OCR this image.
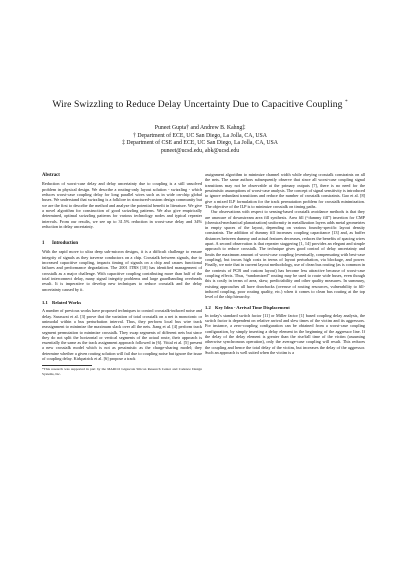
Wire Swizzling to Reduce Delay Uncertainty Due to Capacitive Coupling *
Puneet Gupta† and Andrew B. Kahng‡
† Department of ECE, UC San Diego, La Jolla, CA, USA
‡ Department of CSE and ECE, UC San Diego, La Jolla, CA, USA
puneet@ucsd.edu, abk@ucsd.edu
Abstract

Reduction of worst-case delay and delay uncertainty due to coupling is a still unsolved problem in physical design. We describe a routing-only layout solution - swizzling - which reduces worst-case coupling delay for long parallel wires such as in wide on-chip global buses. We understand that swizzling is a folklore in structured-custom design community but we are the first to describe the method and analyze the potential benefit in literature. We give a novel algorithm for construction of good swizzling patterns. We also give empirically determined, optimal swizzling patterns for various technology nodes and typical repeater intervals. From our results, we see up to 31.5% reduction in worst-case delay and 34% reduction in delay uncertainty.

1 Introduction

With the rapid move to ultra deep sub-micron designs, it is a difficult challenge to ensure integrity of signals as they traverse conductors on a chip. Crosstalk between signals, due to increased capacitive coupling, impacts timing of signals on a chip and causes functional failures and performance degradation. The 2001 ITRS [10] has identified management of crosstalk as a major challenge. With capacitive coupling contributing more than half of the total interconnect delay, many signal integrity problems and large guardbanding overheads result. It is imperative to develop new techniques to reduce crosstalk and the delay uncertainty caused by it.

1.1 Related Works

A number of previous works have proposed techniques to control crosstalk-induced noise and delay. Saraswat et al. [3] prove that the variation of total crosstalk on a net is monotonic or unimodal within a bus perturbation interval. Thus, they perform local bus wire track reassignment to minimize the maximum slack over all the nets. Jiang et al. [4] perform track segment permutation to minimize crosstalk. They swap segments of different nets but since they do not split the horizontal or vertical segments of the actual route, their approach is essentially the same as the track assignment approach followed in [6]. Vittal et al. [5] present a new crosstalk model which is not as pessimistic as the charge-sharing model; they determine whether a given routing solution will fail due to coupling noise but ignore the issue of coupling delay. Kirkpatrick et al. [6] propose a track

*This research was supported in part by the MARCO Gigascale Silicon Research Center and Cadence Design Systems, Inc.

assignment algorithm to minimize channel width while obeying crosstalk constraints on all the nets. The same authors subsequently observe that since all worst-case coupling signal transitions may not be observable at the primary outputs [7], there is no need for the pessimistic assumptions of worst-case analysis. The concept of signal sensitivity is introduced to ignore redundant transitions and reduce the number of crosstalk constraints. Gao et al. [8] give a mixed ILP formulation for the track permutation problem for crosstalk minimization. The objective of the ILP is to minimize crosstalk on timing paths.

Our observations with respect to sensing-based crosstalk avoidance methods is that they are unaware of downstream area fill synthesis. Area fill (“dummy fill”) insertion for CMP (chemical-mechanical planarization) uniformity in metallization layers adds metal geometries in empty spaces of the layout, depending on various foundry-specific layout density constraints. The addition of dummy fill increases coupling capacitance [13] and, as buffer distances between dummy and actual features decreases, reduces the benefits of spacing wires apart. A second observation is that repeater staggering [1, 14] provides an elegant and simple approach to reduce crosstalk. The technique gives good control of delay uncertainty and limits the maximum amount of worst-case coupling (eventually, compensating with best-case coupling), but incurs high costs in terms of layout perturbation, via blockage, and power. Finally, we note that in current layout methodology, use of clean bus routing (as is common in the contexts of PCB and custom layout) has become less attractive because of worst-case coupling effects. Thus, “randomized” routing may be used to route wide buses, even though this is costly in terms of area, skew, predictability and other quality measures. In summary, existing approaches all have drawbacks (overuse of routing resources, vulnerability to fill-induced coupling, poor routing quality, etc.) when it comes to clean bus routing at the top level of the chip hierarchy.

1.2 Key Idea - Arrival Time Displacement

In today's standard switch factor [11] or Miller factor [1] based coupling delay analysis, the switch factor is dependent on relative arrival and slew times of the victim and its aggressors. For instance, a zero-coupling configuration can be obtained from a worst-case coupling configuration, by simply inserting a delay element in the beginning of the aggressor line. If the delay of the delay element is greater than the rise/fall time of the victim (assuming otherwise synchronous operation), only the average-case coupling will result. This reduces the coupling and hence the total delay of the victim, but increases the delay of the aggressor. Such an approach is well suited when the victim is a
